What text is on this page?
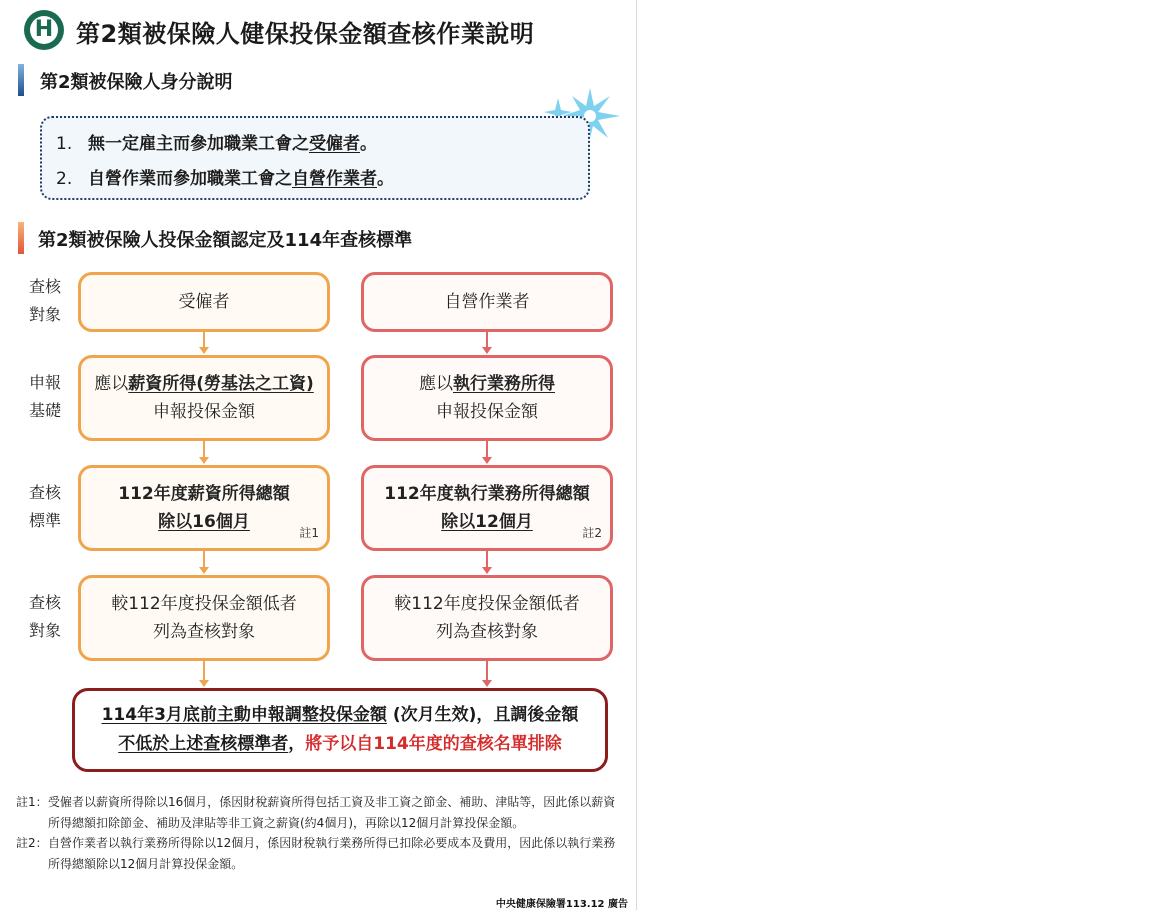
H 第2類被保險人健保投保金額查核作業說明
第2類被保險人身分說明
1. 無一定雇主而參加職業工會之受僱者。
2. 自營作業而參加職業工會之自營作業者。
第2類被保險人投保金額認定及114年查核標準
查核
對象
申報
基礎
查核
標準
查核
對象
受僱者
應以薪資所得(勞基法之工資)
申報投保金額
112年度薪資所得總額
除以16個月
註1
較112年度投保金額低者
列為查核對象
自營作業者
應以執行業務所得
申報投保金額
112年度執行業務所得總額
除以12個月
註2
較112年度投保金額低者
列為查核對象
114年3月底前主動申報調整投保金額 (次月生效)，且調後金額
不低於上述查核標準者，將予以自114年度的查核名單排除
註1： 受僱者以薪資所得除以16個月，係因財稅薪資所得包括工資及非工資之節金、補助、津貼等，因此係以薪資所得總額扣除節金、補助及津貼等非工資之薪資(約4個月)，再除以12個月計算投保金額。
註2： 自營作業者以執行業務所得除以12個月，係因財稅執行業務所得已扣除必要成本及費用，因此係以執行業務所得總額除以12個月計算投保金額。
中央健康保險署113.12 廣告
